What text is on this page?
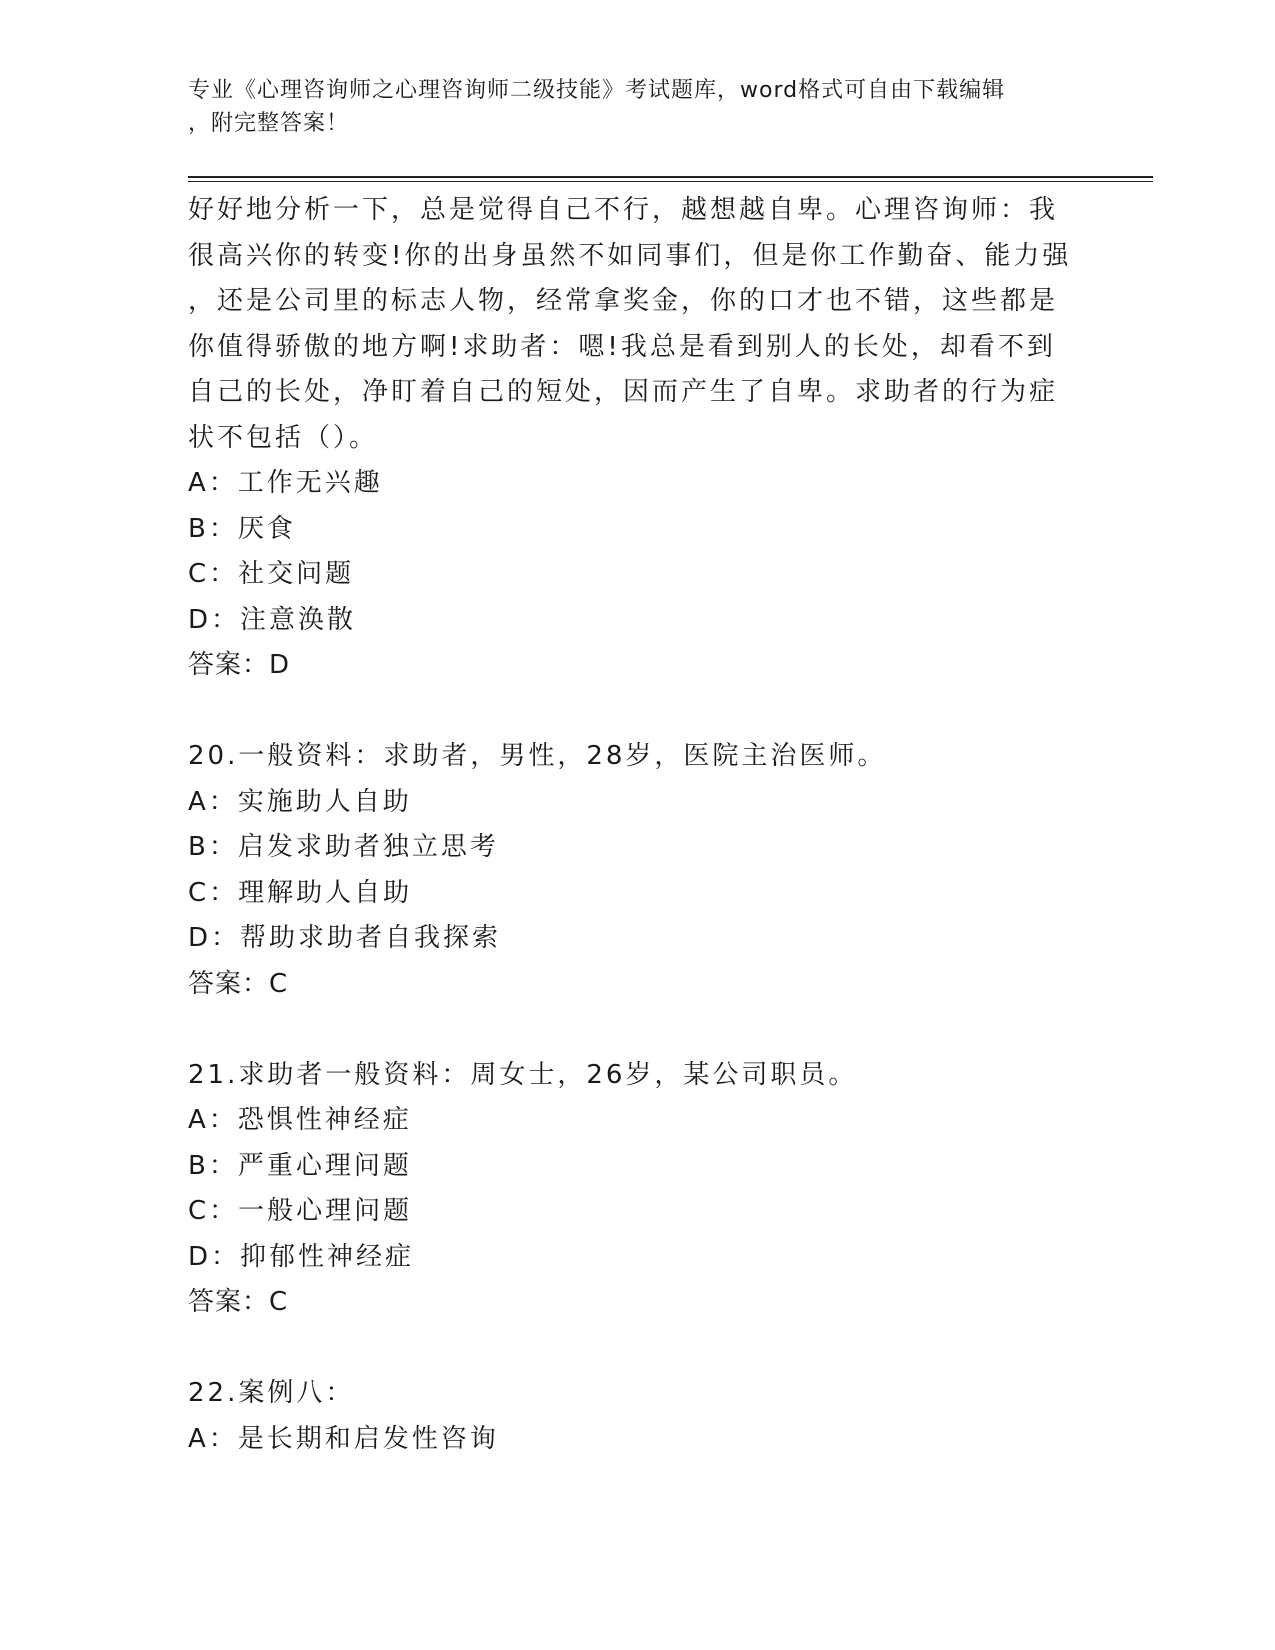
专业《心理咨询师之心理咨询师二级技能》考试题库，word格式可自由下载编辑
，附完整答案！
好好地分析一下，总是觉得自己不行，越想越自卑。心理咨询师：我
很高兴你的转变!你的出身虽然不如同事们，但是你工作勤奋、能力强
，还是公司里的标志人物，经常拿奖金，你的口才也不错，这些都是
你值得骄傲的地方啊!求助者：嗯!我总是看到别人的长处，却看不到
自己的长处，净盯着自己的短处，因而产生了自卑。求助者的行为症
状不包括（）。
A：工作无兴趣
B：厌食
C：社交问题
D：注意涣散
答案：D
20.一般资料：求助者，男性，28岁，医院主治医师。
A：实施助人自助
B：启发求助者独立思考
C：理解助人自助
D：帮助求助者自我探索
答案：C
21.求助者一般资料：周女士，26岁，某公司职员。
A：恐惧性神经症
B：严重心理问题
C：一般心理问题
D：抑郁性神经症
答案：C
22.案例八：
A：是长期和启发性咨询
